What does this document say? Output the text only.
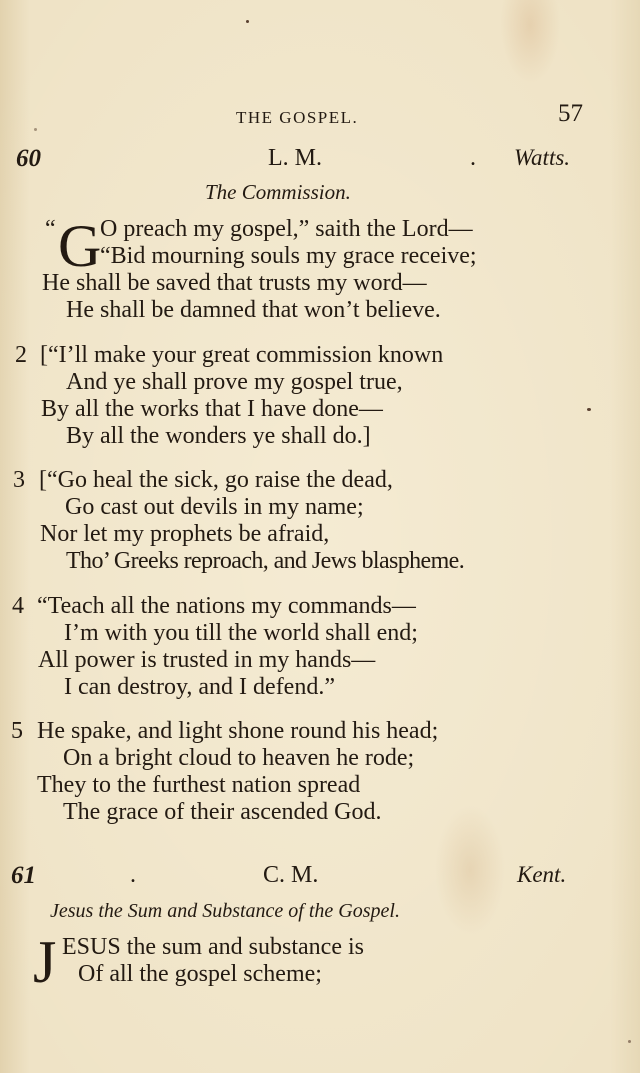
THE GOSPEL.	57
60	L. M.	. Watts.
The Commission.
“ G
O preach my gospel,” saith the Lord—
“Bid mourning souls my grace receive;
He shall be saved that trusts my word—
He shall be damned that won’t believe.
2 [“I’ll make your great commission known
And ye shall prove my gospel true,
By all the works that I have done—
By all the wonders ye shall do.]
3 [“Go heal the sick, go raise the dead,
Go cast out devils in my name;
Nor let my prophets be afraid,
Tho’ Greeks reproach, and Jews blaspheme.
4 “Teach all the nations my commands—
I’m with you till the world shall end;
All power is trusted in my hands—
I can destroy, and I defend.”
5 He spake, and light shone round his head;
On a bright cloud to heaven he rode;
They to the furthest nation spread
The grace of their ascended God.
61	.	C. M.	Kent.
Jesus the Sum and Substance of the Gospel.
J ESUS the sum and substance is
Of all the gospel scheme;
